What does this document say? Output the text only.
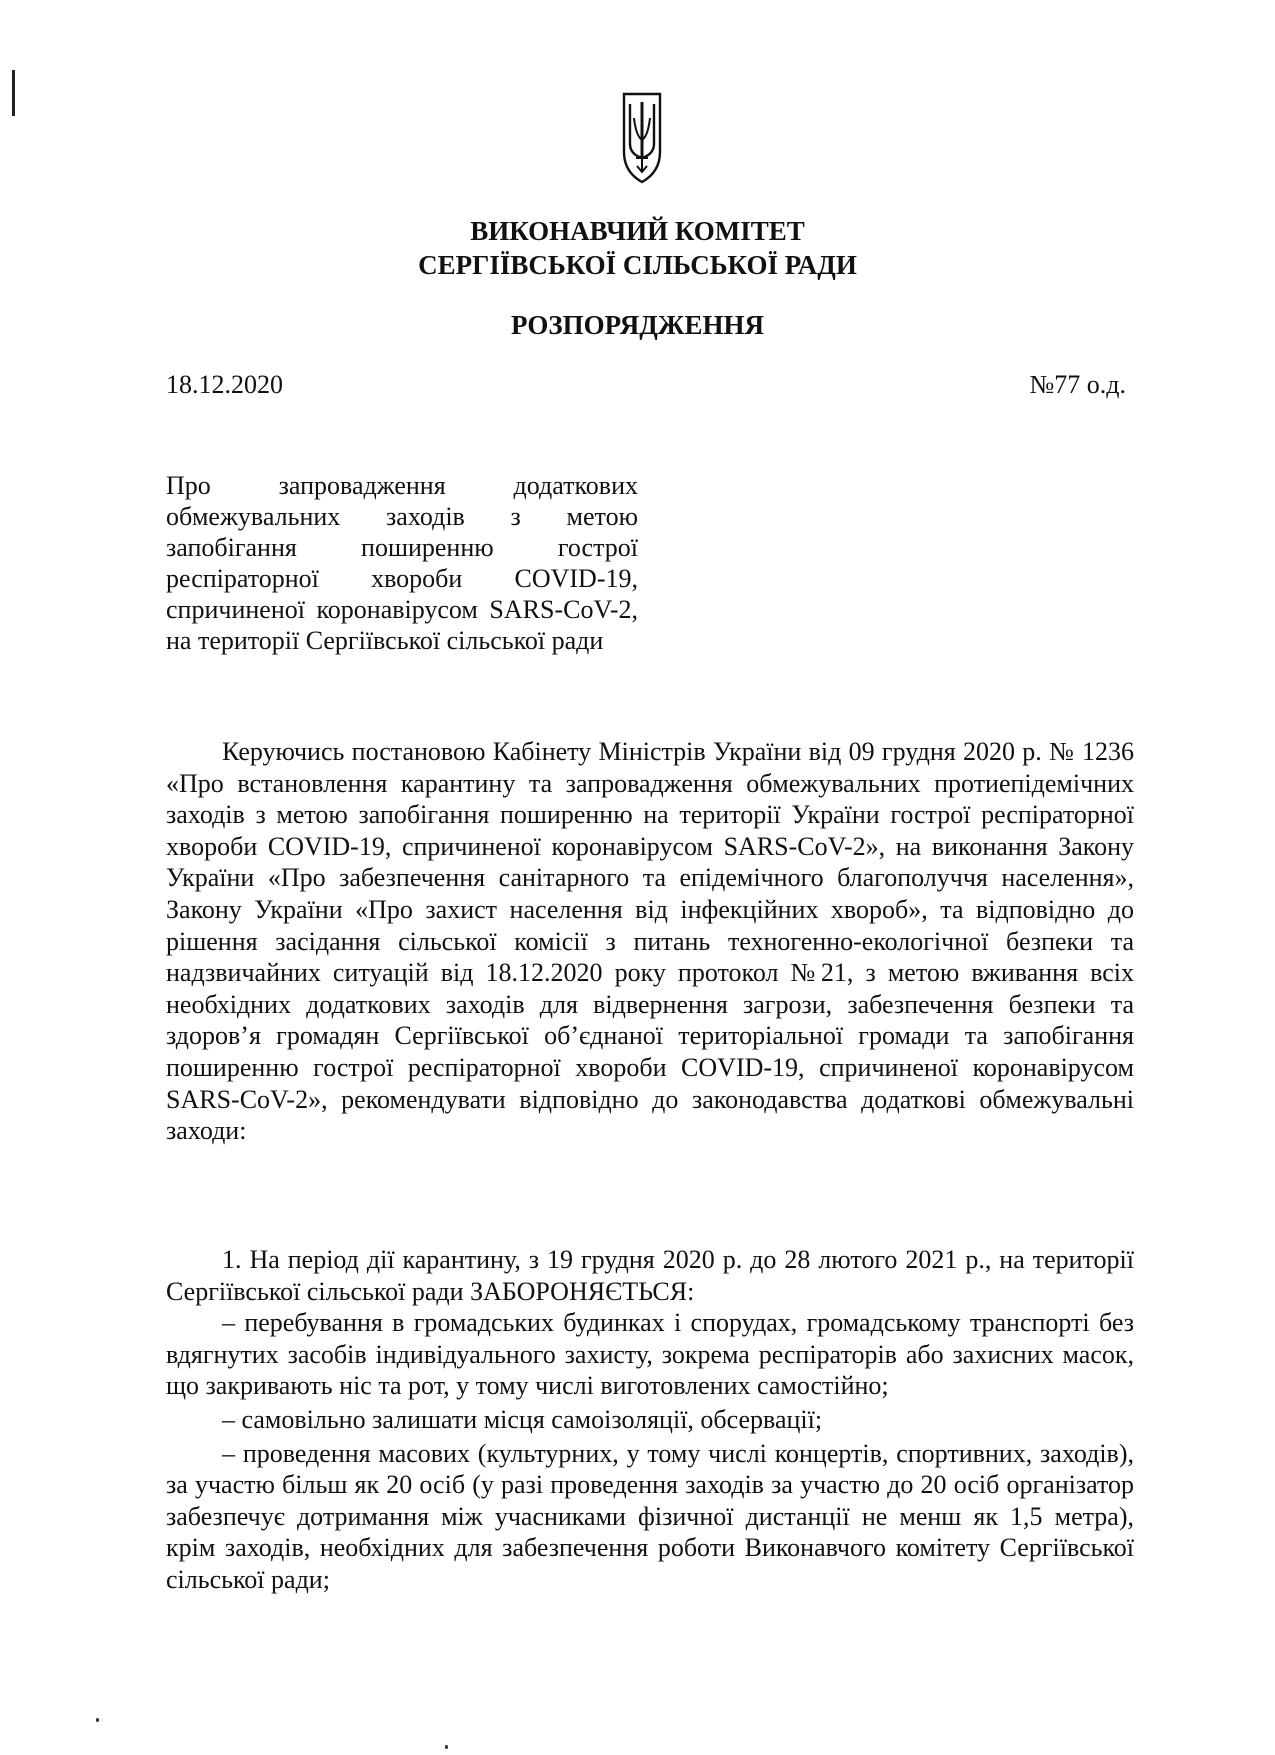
ВИКОНАВЧИЙ КОМІТЕТ
СЕРГІЇВСЬКОЇ СІЛЬСЬКОЇ РАДИ
РОЗПОРЯДЖЕННЯ
18.12.2020	№77 о.д.
Про запровадження додаткових обмежувальних заходів з метою запобігання поширенню гострої респіраторної хвороби COVID-19, спричиненої коронавірусом SARS-CoV-2, на території Сергіївської сільської ради

Керуючись постановою Кабінету Міністрів України від 09 грудня 2020 р. № 1236 «Про встановлення карантину та запровадження обмежувальних протиепідемічних заходів з метою запобігання поширенню на території України гострої респіраторної хвороби COVID-19, спричиненої коронавірусом SARS-CoV-2», на виконання Закону України «Про забезпечення санітарного та епідемічного благополуччя населення», Закону України «Про захист населення від інфекційних хвороб», та відповідно до рішення засідання сільської комісії з питань техногенно-екологічної безпеки та надзвичайних ситуацій від 18.12.2020 року протокол №21, з метою вживання всіх необхідних додаткових заходів для відвернення загрози, забезпечення безпеки та здоров’я громадян Сергіївської об’єднаної територіальної громади та запобігання поширенню гострої респіраторної хвороби COVID-19, спричиненої коронавірусом SARS-CoV-2», рекомендувати відповідно до законодавства додаткові обмежувальні заходи:

1. На період дії карантину, з 19 грудня 2020 р. до 28 лютого 2021 р., на території Сергіївської сільської ради ЗАБОРОНЯЄТЬСЯ:

– перебування в громадських будинках і спорудах, громадському транспорті без вдягнутих засобів індивідуального захисту, зокрема респіраторів або захисних масок, що закривають ніс та рот, у тому числі виготовлених самостійно;

– самовільно залишати місця самоізоляції, обсервації;

– проведення масових (культурних, у тому числі концертів, спортивних, заходів), за участю більш як 20 осіб (у разі проведення заходів за участю до 20 осіб організатор забезпечує дотримання між учасниками фізичної дистанції не менш як 1,5 метра), крім заходів, необхідних для забезпечення роботи Виконавчого комітету Сергіївської сільської ради;
